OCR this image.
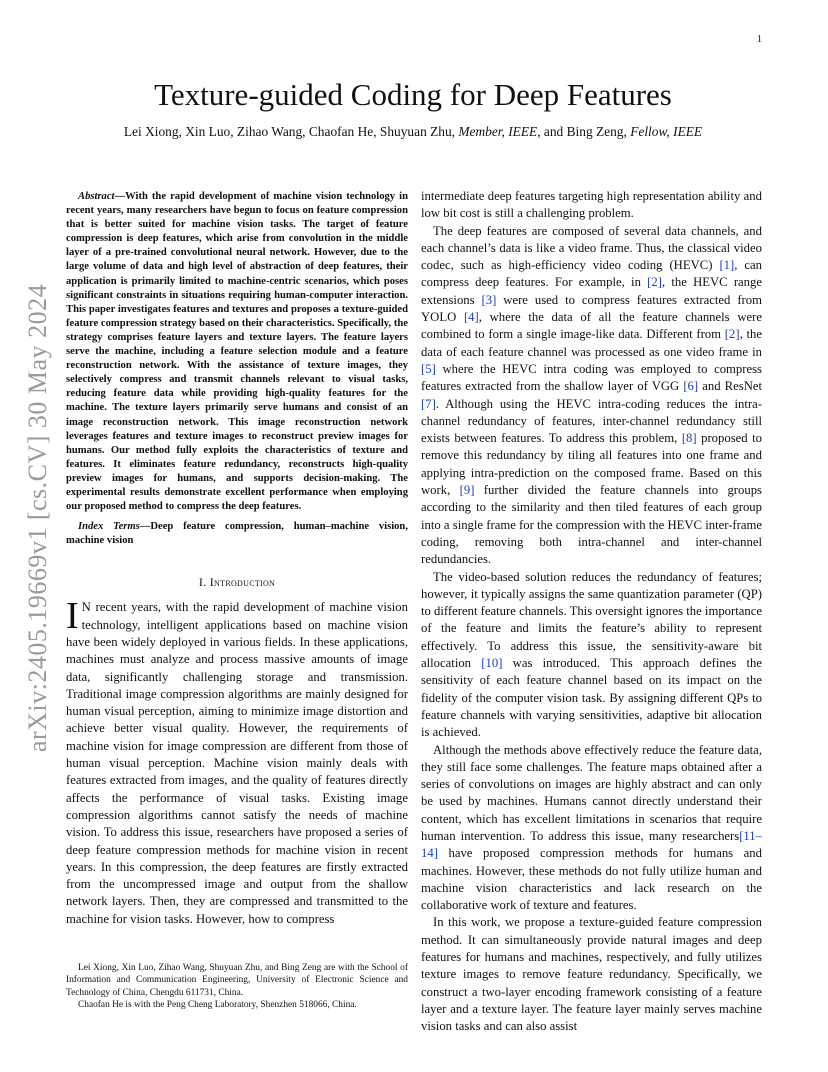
1
arXiv:2405.19669v1 [cs.CV] 30 May 2024
Texture-guided Coding for Deep Features
Lei Xiong, Xin Luo, Zihao Wang, Chaofan He, Shuyuan Zhu, Member, IEEE, and Bing Zeng, Fellow, IEEE

Abstract—With the rapid development of machine vision technology in recent years, many researchers have begun to focus on feature compression that is better suited for machine vision tasks. The target of feature compression is deep features, which arise from convolution in the middle layer of a pre-trained convolutional neural network. However, due to the large volume of data and high level of abstraction of deep features, their application is primarily limited to machine-centric scenarios, which poses significant constraints in situations requiring human-computer interaction. This paper investigates features and textures and proposes a texture-guided feature compression strategy based on their characteristics. Specifically, the strategy comprises feature layers and texture layers. The feature layers serve the machine, including a feature selection module and a feature reconstruction network. With the assistance of texture images, they selectively compress and transmit channels relevant to visual tasks, reducing feature data while providing high-quality features for the machine. The texture layers primarily serve humans and consist of an image reconstruction network. This image reconstruction network leverages features and texture images to reconstruct preview images for humans. Our method fully exploits the characteristics of texture and features. It eliminates feature redundancy, reconstructs high-quality preview images for humans, and supports decision-making. The experimental results demonstrate excellent performance when employing our proposed method to compress the deep features.

Index Terms—Deep feature compression, human–machine vision, machine vision

I. Introduction

I N recent years, with the rapid development of machine vision technology, intelligent applications based on machine vision have been widely deployed in various fields. In these applications, machines must analyze and process massive amounts of image data, significantly challenging storage and transmission. Traditional image compression algorithms are mainly designed for human visual perception, aiming to minimize image distortion and achieve better visual quality. However, the requirements of machine vision for image compression are different from those of human visual perception. Machine vision mainly deals with features extracted from images, and the quality of features directly affects the performance of visual tasks. Existing image compression algorithms cannot satisfy the needs of machine vision. To address this issue, researchers have proposed a series of deep feature compression methods for machine vision in recent years. In this compression, the deep features are firstly extracted from the uncompressed image and output from the shallow network layers. Then, they are compressed and transmitted to the machine for vision tasks. However, how to compress

Lei Xiong, Xin Luo, Zihao Wang, Shuyuan Zhu, and Bing Zeng are with the School of Information and Communication Engineering, University of Electronic Science and Technology of China, Chengdu 611731, China.

Chaofan He is with the Peng Cheng Laboratory, Shenzhen 518066, China.

intermediate deep features targeting high representation ability and low bit cost is still a challenging problem.

The deep features are composed of several data channels, and each channel’s data is like a video frame. Thus, the classical video codec, such as high-efficiency video coding (HEVC) [1], can compress deep features. For example, in [2], the HEVC range extensions [3] were used to compress features extracted from YOLO [4], where the data of all the feature channels were combined to form a single image-like data. Different from [2], the data of each feature channel was processed as one video frame in [5] where the HEVC intra coding was employed to compress features extracted from the shallow layer of VGG [6] and ResNet [7]. Although using the HEVC intra-coding reduces the intra-channel redundancy of features, inter-channel redundancy still exists between features. To address this problem, [8] proposed to remove this redundancy by tiling all features into one frame and applying intra-prediction on the composed frame. Based on this work, [9] further divided the feature channels into groups according to the similarity and then tiled features of each group into a single frame for the compression with the HEVC inter-frame coding, removing both intra-channel and inter-channel redundancies.

The video-based solution reduces the redundancy of features; however, it typically assigns the same quantization parameter (QP) to different feature channels. This oversight ignores the importance of the feature and limits the feature’s ability to represent effectively. To address this issue, the sensitivity-aware bit allocation [10] was introduced. This approach defines the sensitivity of each feature channel based on its impact on the fidelity of the computer vision task. By assigning different QPs to feature channels with varying sensitivities, adaptive bit allocation is achieved.

Although the methods above effectively reduce the feature data, they still face some challenges. The feature maps obtained after a series of convolutions on images are highly abstract and can only be used by machines. Humans cannot directly understand their content, which has excellent limitations in scenarios that require human intervention. To address this issue, many researchers[11–14] have proposed compression methods for humans and machines. However, these methods do not fully utilize human and machine vision characteristics and lack research on the collaborative work of texture and features.

In this work, we propose a texture-guided feature compression method. It can simultaneously provide natural images and deep features for humans and machines, respectively, and fully utilizes texture images to remove feature redundancy. Specifically, we construct a two-layer encoding framework consisting of a feature layer and a texture layer. The feature layer mainly serves machine vision tasks and can also assist
